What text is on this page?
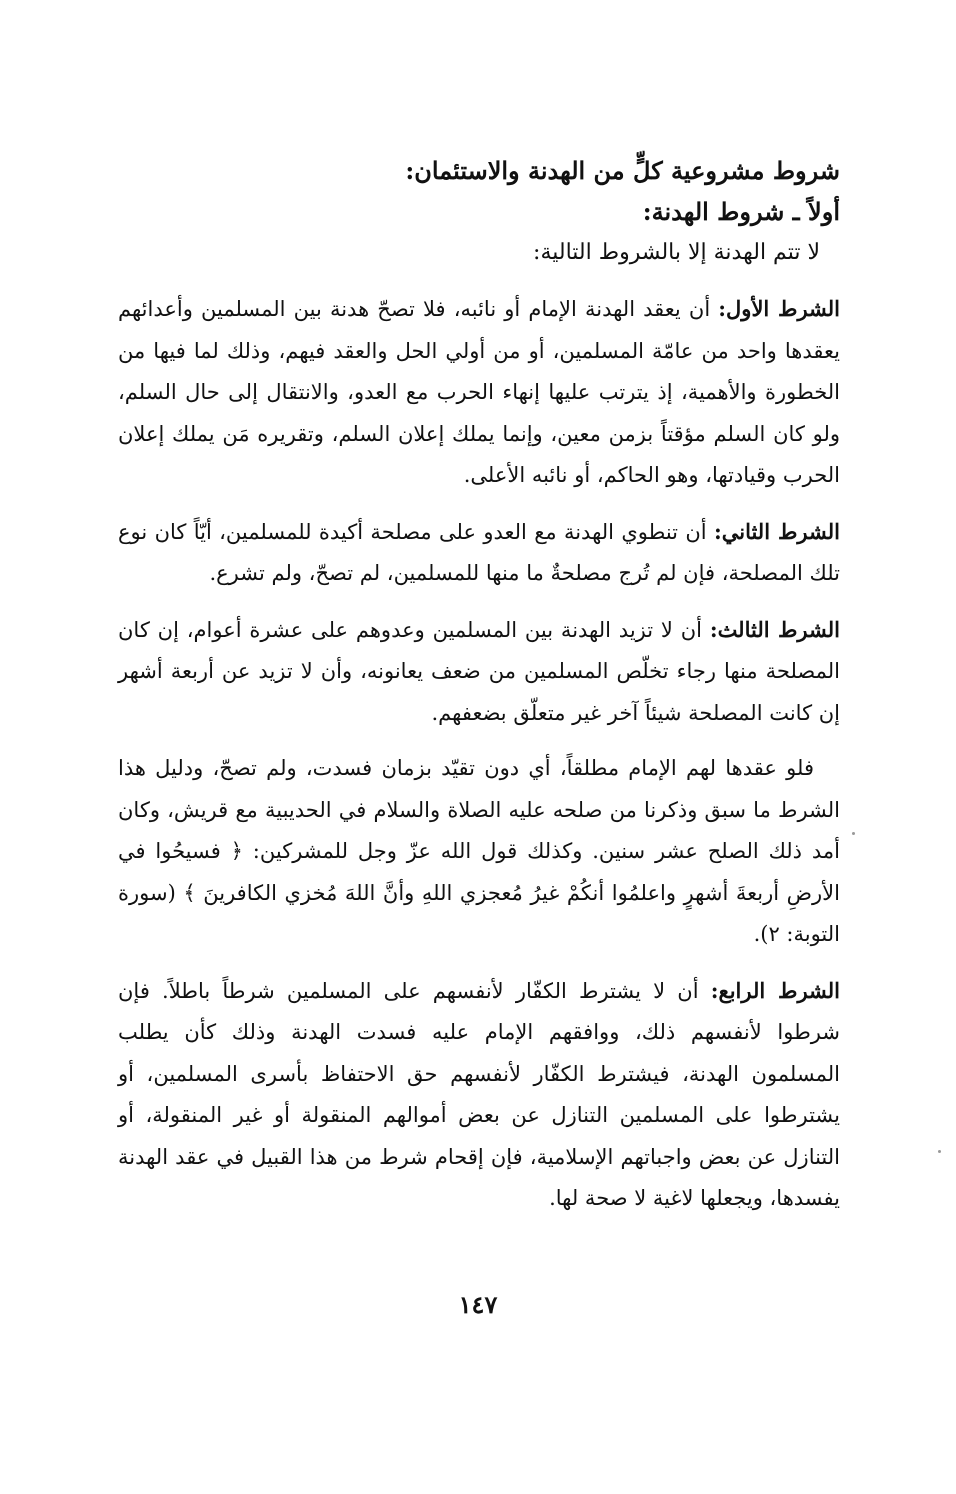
شروط مشروعية كلٍّ من الهدنة والاستئمان:

أولاً ـ شروط الهدنة:

لا تتم الهدنة إلا بالشروط التالية:

الشرط الأول: أن يعقد الهدنة الإمام أو نائبه، فلا تصحّ هدنة بين المسلمين وأعدائهم يعقدها واحد من عامّة المسلمين، أو من أولي الحل والعقد فيهم، وذلك لما فيها من الخطورة والأهمية، إذ يترتب عليها إنهاء الحرب مع العدو، والانتقال إلى حال السلم، ولو كان السلم مؤقتاً بزمن معين، وإنما يملك إعلان السلم، وتقريره مَن يملك إعلان الحرب وقيادتها، وهو الحاكم، أو نائبه الأعلى.

الشرط الثاني: أن تنطوي الهدنة مع العدو على مصلحة أكيدة للمسلمين، أيّاً كان نوع تلك المصلحة، فإن لم تُرج مصلحةٌ ما منها للمسلمين، لم تصحّ، ولم تشرع.

الشرط الثالث: أن لا تزيد الهدنة بين المسلمين وعدوهم على عشرة أعوام، إن كان المصلحة منها رجاء تخلّص المسلمين من ضعف يعانونه، وأن لا تزيد عن أربعة أشهر إن كانت المصلحة شيئاً آخر غير متعلّق بضعفهم.

فلو عقدها لهم الإمام مطلقاً، أي دون تقيّد بزمان فسدت، ولم تصحّ، ودليل هذا الشرط ما سبق وذكرنا من صلحه عليه الصلاة والسلام في الحديبية مع قريش، وكان أمد ذلك الصلح عشر سنين. وكذلك قول الله عزّ وجل للمشركين: ﴿ فسيحُوا في الأرضِ أربعةَ أشهرٍ واعلمُوا أنكُمْ غيرُ مُعجزي اللهِ وأنَّ اللهَ مُخزي الكافرينَ ﴾ (سورة التوبة: ٢).

الشرط الرابع: أن لا يشترط الكفّار لأنفسهم على المسلمين شرطاً باطلاً. فإن شرطوا لأنفسهم ذلك، ووافقهم الإمام عليه فسدت الهدنة وذلك كأن يطلب المسلمون الهدنة، فيشترط الكفّار لأنفسهم حق الاحتفاظ بأسرى المسلمين، أو يشترطوا على المسلمين التنازل عن بعض أموالهم المنقولة أو غير المنقولة، أو التنازل عن بعض واجباتهم الإسلامية، فإن إقحام شرط من هذا القبيل في عقد الهدنة يفسدها، ويجعلها لاغية لا صحة لها.

١٤٧
